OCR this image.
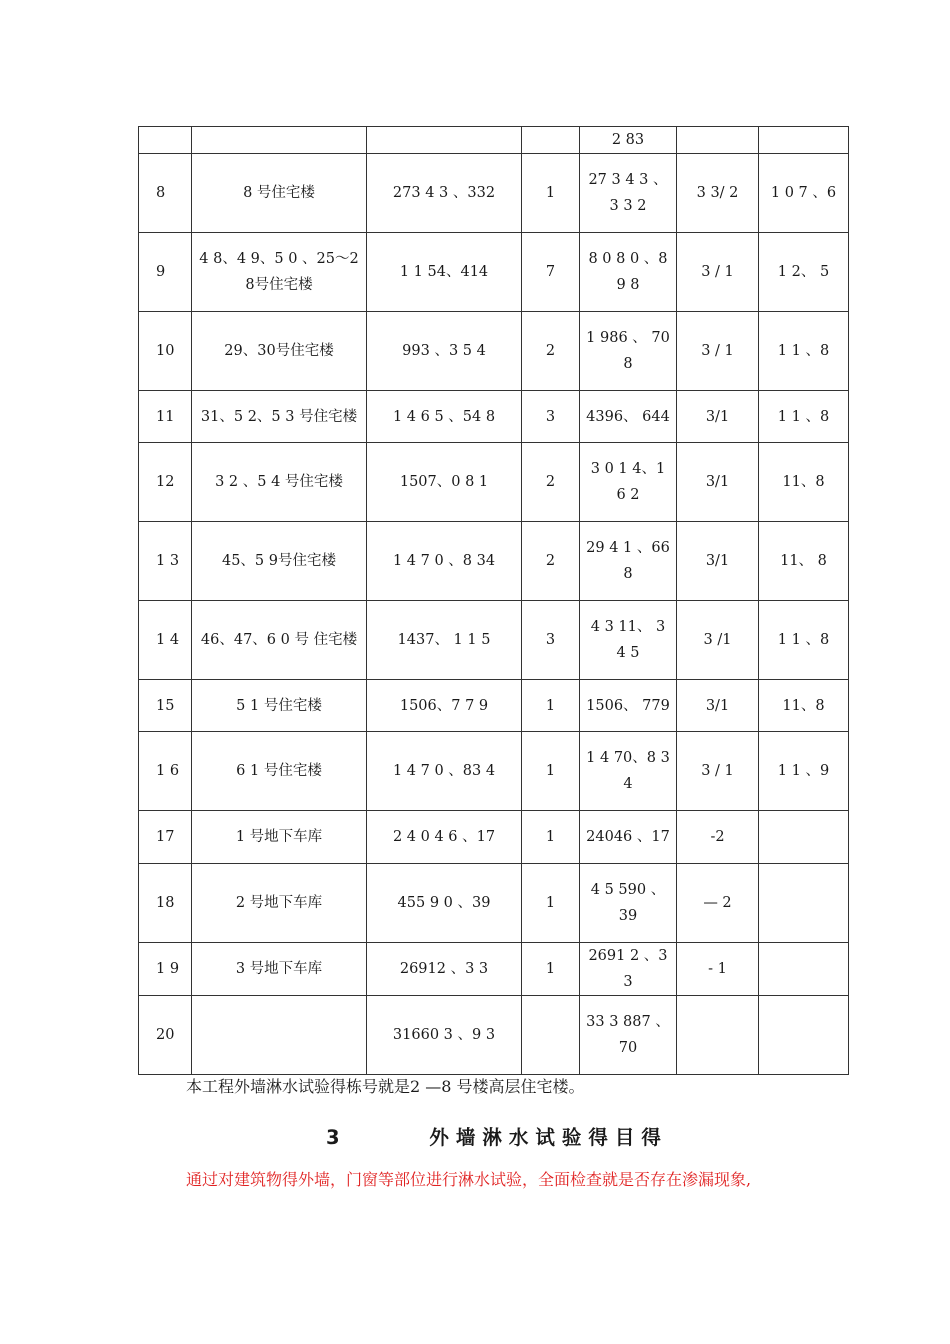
				2 83		
8	8 号住宅楼	273 4 3 、332	1	27 3 4 3 、3 3 2	3 3/ 2	1 0 7 、6
9	4 8、4 9、5 0 、25～28号住宅楼	1 1 54、414	7	8 0 8 0 、89 8	3 / 1	1 2、 5
10	29、30号住宅楼	993 、3 5 4	2	1 986 、 708	3 / 1	1 1 、8
11	31、5 2、5 3 号住宅楼	1 4 6 5 、54 8	3	4396、 644	3/1	1 1 、8
12	3 2 、5 4 号住宅楼	1507、0 8 1	2	3 0 1 4、1 6 2	3/1	11、8
1 3	45、5 9号住宅楼	1 4 7 0 、8 34	2	29 4 1 、66 8	3/1	11、 8
1 4	46、47、6 0 号 住宅楼	1437、 1 1 5	3	4 3 11、 3 4 5	3 /1	1 1 、8
15	5 1 号住宅楼	1506、7 7 9	1	1506、 779	3/1	11、8
1 6	6 1 号住宅楼	1 4 7 0 、83 4	1	1 4 70、8 3 4	3 / 1	1 1 、9
17	1 号地下车库	2 4 0 4 6 、17	1	24046 、17	-2	
18	2 号地下车库	455 9 0 、39	1	4 5 590 、 39	— 2	
1 9	3 号地下车库	26912 、3 3	1	2691 2 、33	- 1	
20		31660 3 、9 3		33 3 887 、 70		
本工程外墙淋水试验得栋号就是2 —8 号楼高层住宅楼。
3	外墙淋水试验得目得
通过对建筑物得外墙，门窗等部位进行淋水试验，全面检查就是否存在渗漏现象,
